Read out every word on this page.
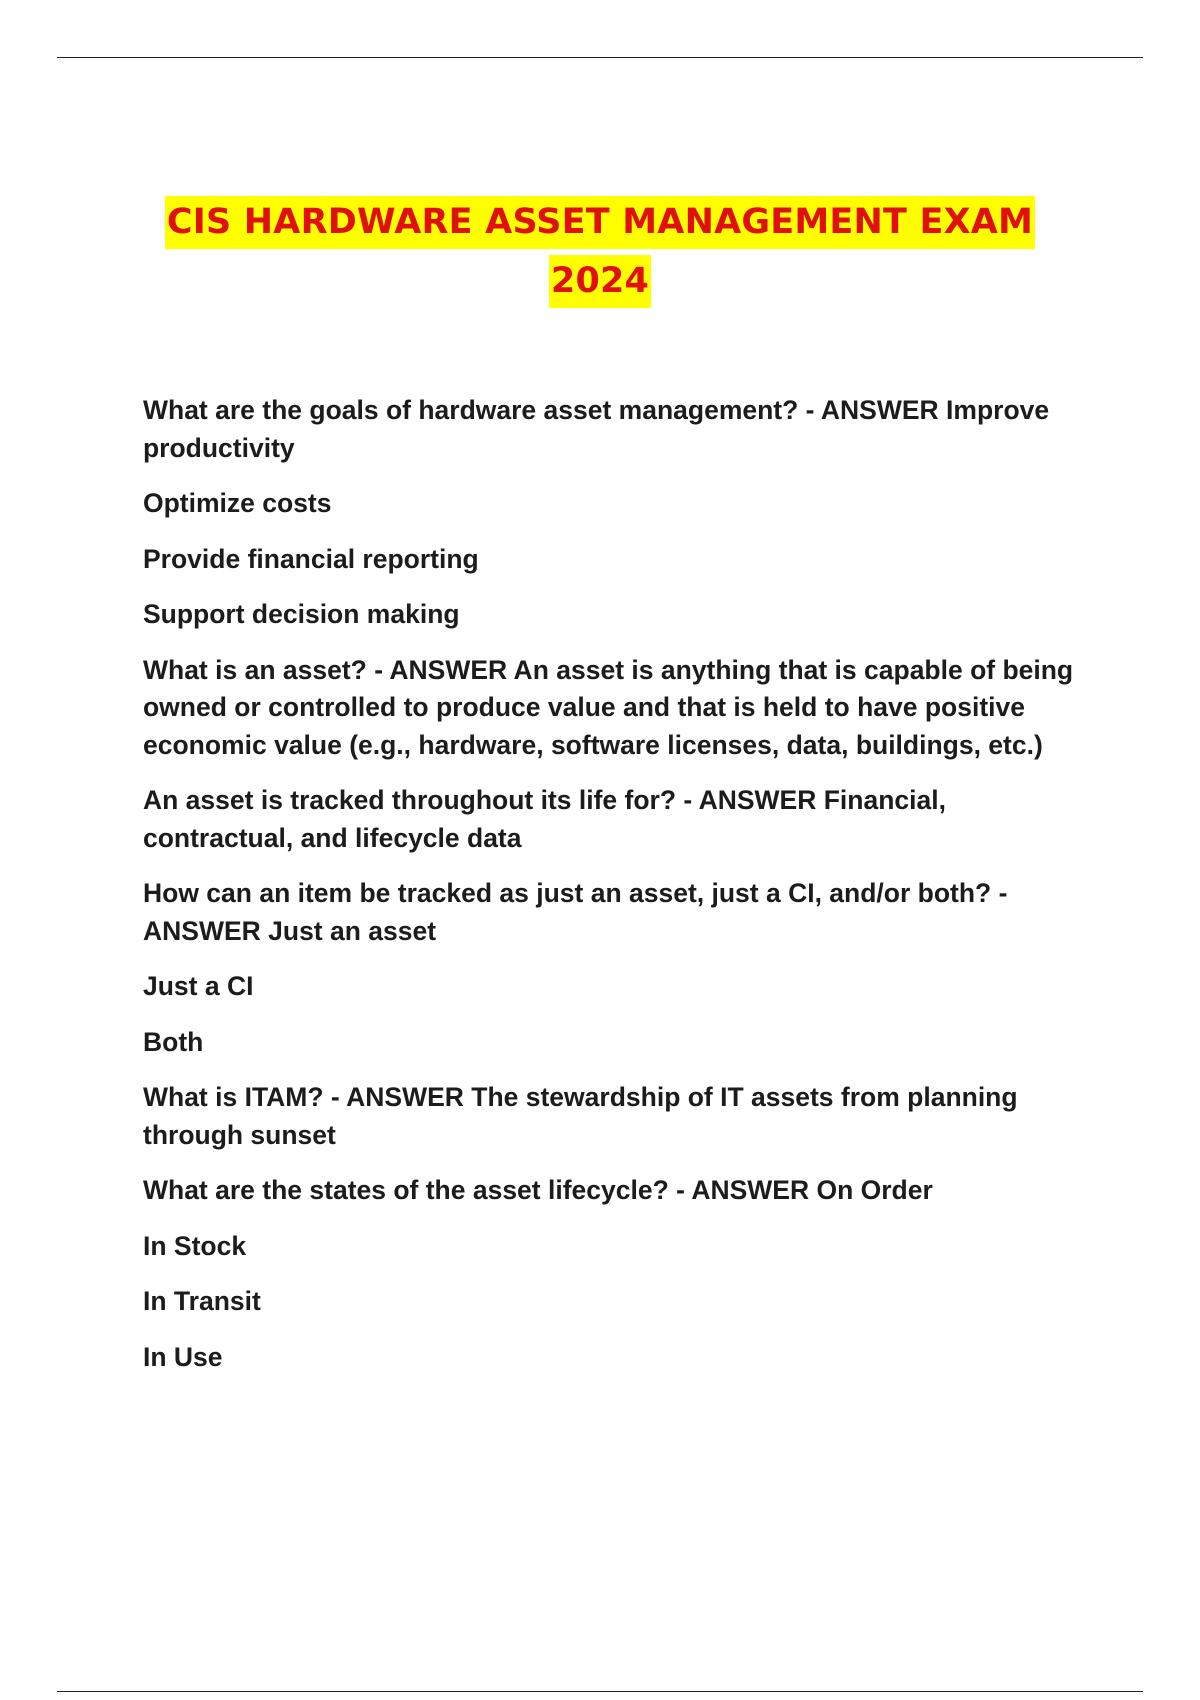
CIS HARDWARE ASSET MANAGEMENT EXAM
2024

What are the goals of hardware asset management? - ANSWER Improve productivity

Optimize costs

Provide financial reporting

Support decision making

What is an asset? - ANSWER An asset is anything that is capable of being owned or controlled to produce value and that is held to have positive economic value (e.g., hardware, software licenses, data, buildings, etc.)

An asset is tracked throughout its life for? - ANSWER Financial, contractual, and lifecycle data

How can an item be tracked as just an asset, just a CI, and/or both? - ANSWER Just an asset

Just a CI

Both

What is ITAM? - ANSWER The stewardship of IT assets from planning through sunset

What are the states of the asset lifecycle? - ANSWER On Order

In Stock

In Transit

In Use
